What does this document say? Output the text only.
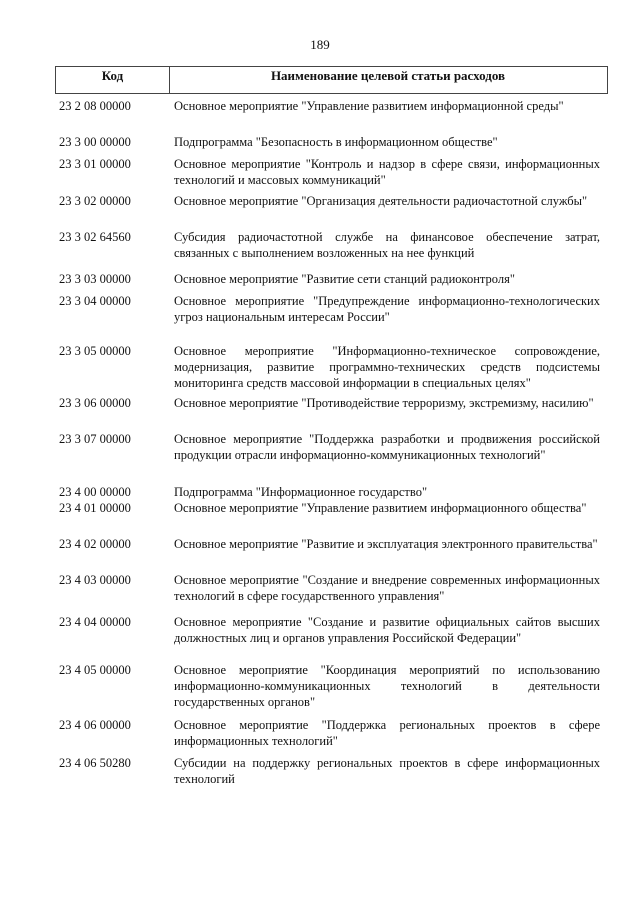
189
Код	Наименование целевой статьи расходов
23 2 08 00000	Основное мероприятие "Управление развитием информационной среды"
23 3 00 00000	Подпрограмма "Безопасность в информационном обществе"
23 3 01 00000	Основное мероприятие "Контроль и надзор в сфере связи, информационных технологий и массовых коммуникаций"
23 3 02 00000	Основное мероприятие "Организация деятельности радиочастотной службы"
23 3 02 64560	Субсидия радиочастотной службе на финансовое обеспечение затрат, связанных с выполнением возложенных на нее функций
23 3 03 00000	Основное мероприятие "Развитие сети станций радиоконтроля"
23 3 04 00000	Основное мероприятие "Предупреждение информационно-технологических угроз национальным интересам России"
23 3 05 00000	Основное мероприятие "Информационно-техническое сопровождение, модернизация, развитие программно-технических средств подсистемы мониторинга средств массовой информации в специальных целях"
23 3 06 00000	Основное мероприятие "Противодействие терроризму, экстремизму, насилию"
23 3 07 00000	Основное мероприятие "Поддержка разработки и продвижения российской продукции отрасли информационно-коммуникационных технологий"
23 4 00 00000	Подпрограмма "Информационное государство"
23 4 01 00000	Основное мероприятие "Управление развитием информационного общества"
23 4 02 00000	Основное мероприятие "Развитие и эксплуатация электронного правительства"
23 4 03 00000	Основное мероприятие "Создание и внедрение современных информационных технологий в сфере государственного управления"
23 4 04 00000	Основное мероприятие "Создание и развитие официальных сайтов высших должностных лиц и органов управления Российской Федерации"
23 4 05 00000	Основное мероприятие "Координация мероприятий по использованию информационно-коммуникационных технологий в деятельности государственных органов"
23 4 06 00000	Основное мероприятие "Поддержка региональных проектов в сфере информационных технологий"
23 4 06 50280	Субсидии на поддержку региональных проектов в сфере информационных технологий
